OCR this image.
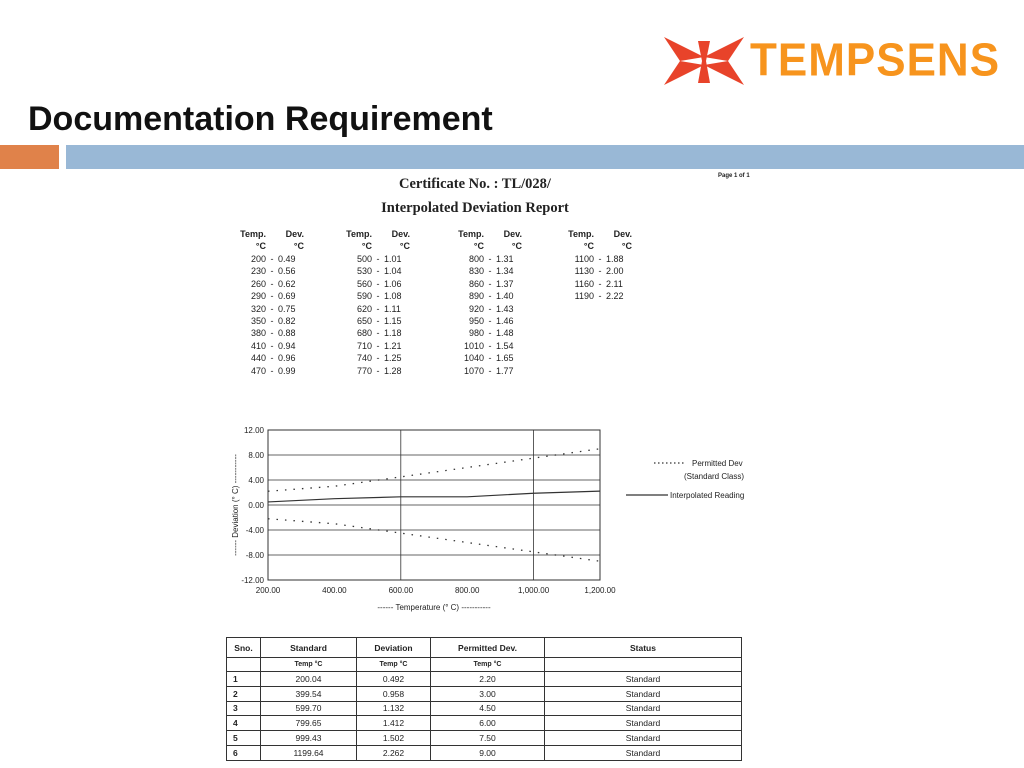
TEMPSENS
Documentation Requirement
Certificate No. : TL/028/
Interpolated Deviation Report
Page 1 of 1
Temp.	Dev.
°C	°C
200 - 0.49
230 - 0.56
260 - 0.62
290 - 0.69
320 - 0.75
350 - 0.82
380 - 0.88
410 - 0.94
440 - 0.96
470 - 0.99
Temp.	Dev.
°C	°C
500 - 1.01
530 - 1.04
560 - 1.06
590 - 1.08
620 - 1.11
650 - 1.15
680 - 1.18
710 - 1.21
740 - 1.25
770 - 1.28
Temp.	Dev.
°C	°C
800 - 1.31
830 - 1.34
860 - 1.37
890 - 1.40
920 - 1.43
950 - 1.46
980 - 1.48
1010 - 1.54
1040 - 1.65
1070 - 1.77
Temp.	Dev.
°C	°C
1100 - 1.88
1130 - 2.00
1160 - 2.11
1190 - 2.22
12.00
8.00
4.00
0.00
-4.00
-8.00
-12.00
200.00	400.00	600.00	800.00	1,000.00	1,200.00
------ Temperature (° C) -----------
------ Deviation (° C) -----------	Permitted Dev
(Standard Class)
Interpolated Reading
Sno.	Standard	Deviation	Permitted Dev.	Status
	Temp °C	Temp °C	Temp °C	
1	200.04	0.492	2.20	Standard
2	399.54	0.958	3.00	Standard
3	599.70	1.132	4.50	Standard
4	799.65	1.412	6.00	Standard
5	999.43	1.502	7.50	Standard
6	1199.64	2.262	9.00	Standard
